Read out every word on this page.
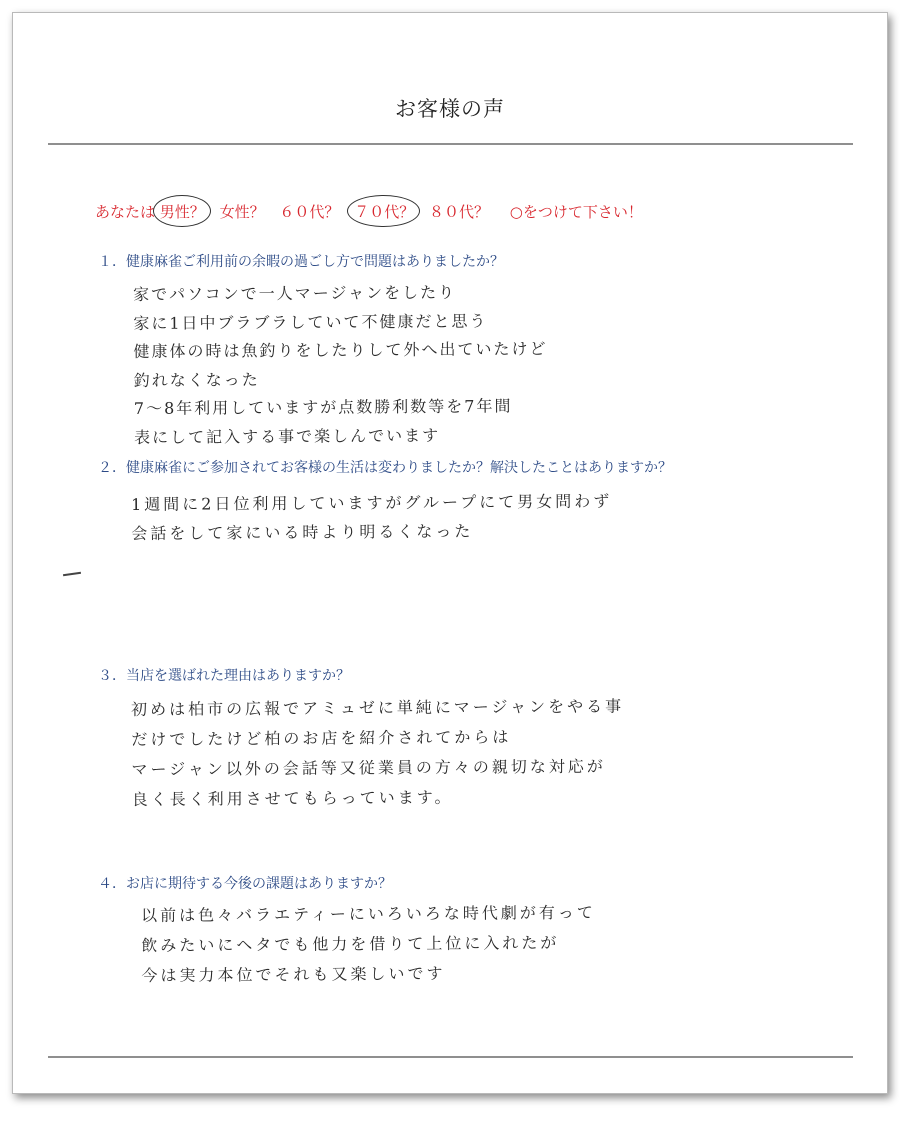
お客様の声
あなたは 男性？ 女性？ ６０代？ ７０代？ ８０代？ ○をつけて下さい！
１．健康麻雀ご利用前の余暇の過ごし方で問題はありましたか？
家でパソコンで一人マージャンをしたり
家に1日中ブラブラしていて不健康だと思う
健康体の時は魚釣りをしたりして外へ出ていたけど
釣れなくなった
7〜8年利用していますが点数勝利数等を7年間
表にして記入する事で楽しんでいます
２．健康麻雀にご参加されてお客様の生活は変わりましたか？解決したことはありますか？
1週間に2日位利用していますがグループにて男女問わず
会話をして家にいる時より明るくなった
３．当店を選ばれた理由はありますか？
初めは柏市の広報でアミュゼに単純にマージャンをやる事
だけでしたけど柏のお店を紹介されてからは
マージャン以外の会話等又従業員の方々の親切な対応が
良く長く利用させてもらっています。
４．お店に期待する今後の課題はありますか？
以前は色々バラエティーにいろいろな時代劇が有って
飲みたいにヘタでも他力を借りて上位に入れたが
今は実力本位でそれも又楽しいです
